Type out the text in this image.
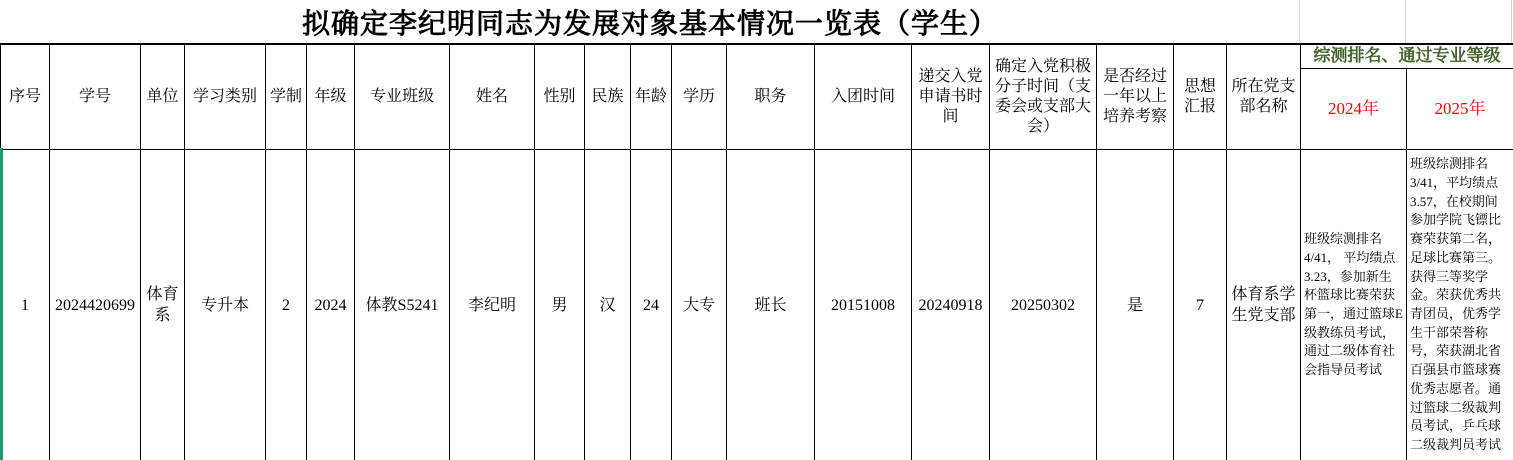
拟确定李纪明同志为发展对象基本情况一览表（学生）
序号	学号	单位	学习类别	学制	年级	专业班级	姓名	性别	民族	年龄	学历	职务	入团时间	递交入党申请书时间	确定入党积极分子时间（支委会或支部大会）	是否经过一年以上培养考察	思想汇报	所在党支部名称	综测排名、通过专业等级	
																			2024年	2025年
1	2024420699	体育系	专升本	2	2024	体教S5241	李纪明	男	汉	24	大专	班长	20151008	20240918	20250302	是	7	体育系学生党支部	班级综测排名4/41， 平均绩点3.23，参加新生杯篮球比赛荣获第一，通过篮球E级教练员考试，通过二级体育社会指导员考试	班级综测排名3/41，平均绩点3.57，在校期间参加学院飞镖比赛荣获第二名，足球比赛第三。获得三等奖学金。荣获优秀共青团员，优秀学生干部荣誉称号，荣获湖北省百强县市篮球赛优秀志愿者。通过篮球二级裁判员考试，乒乓球二级裁判员考试
